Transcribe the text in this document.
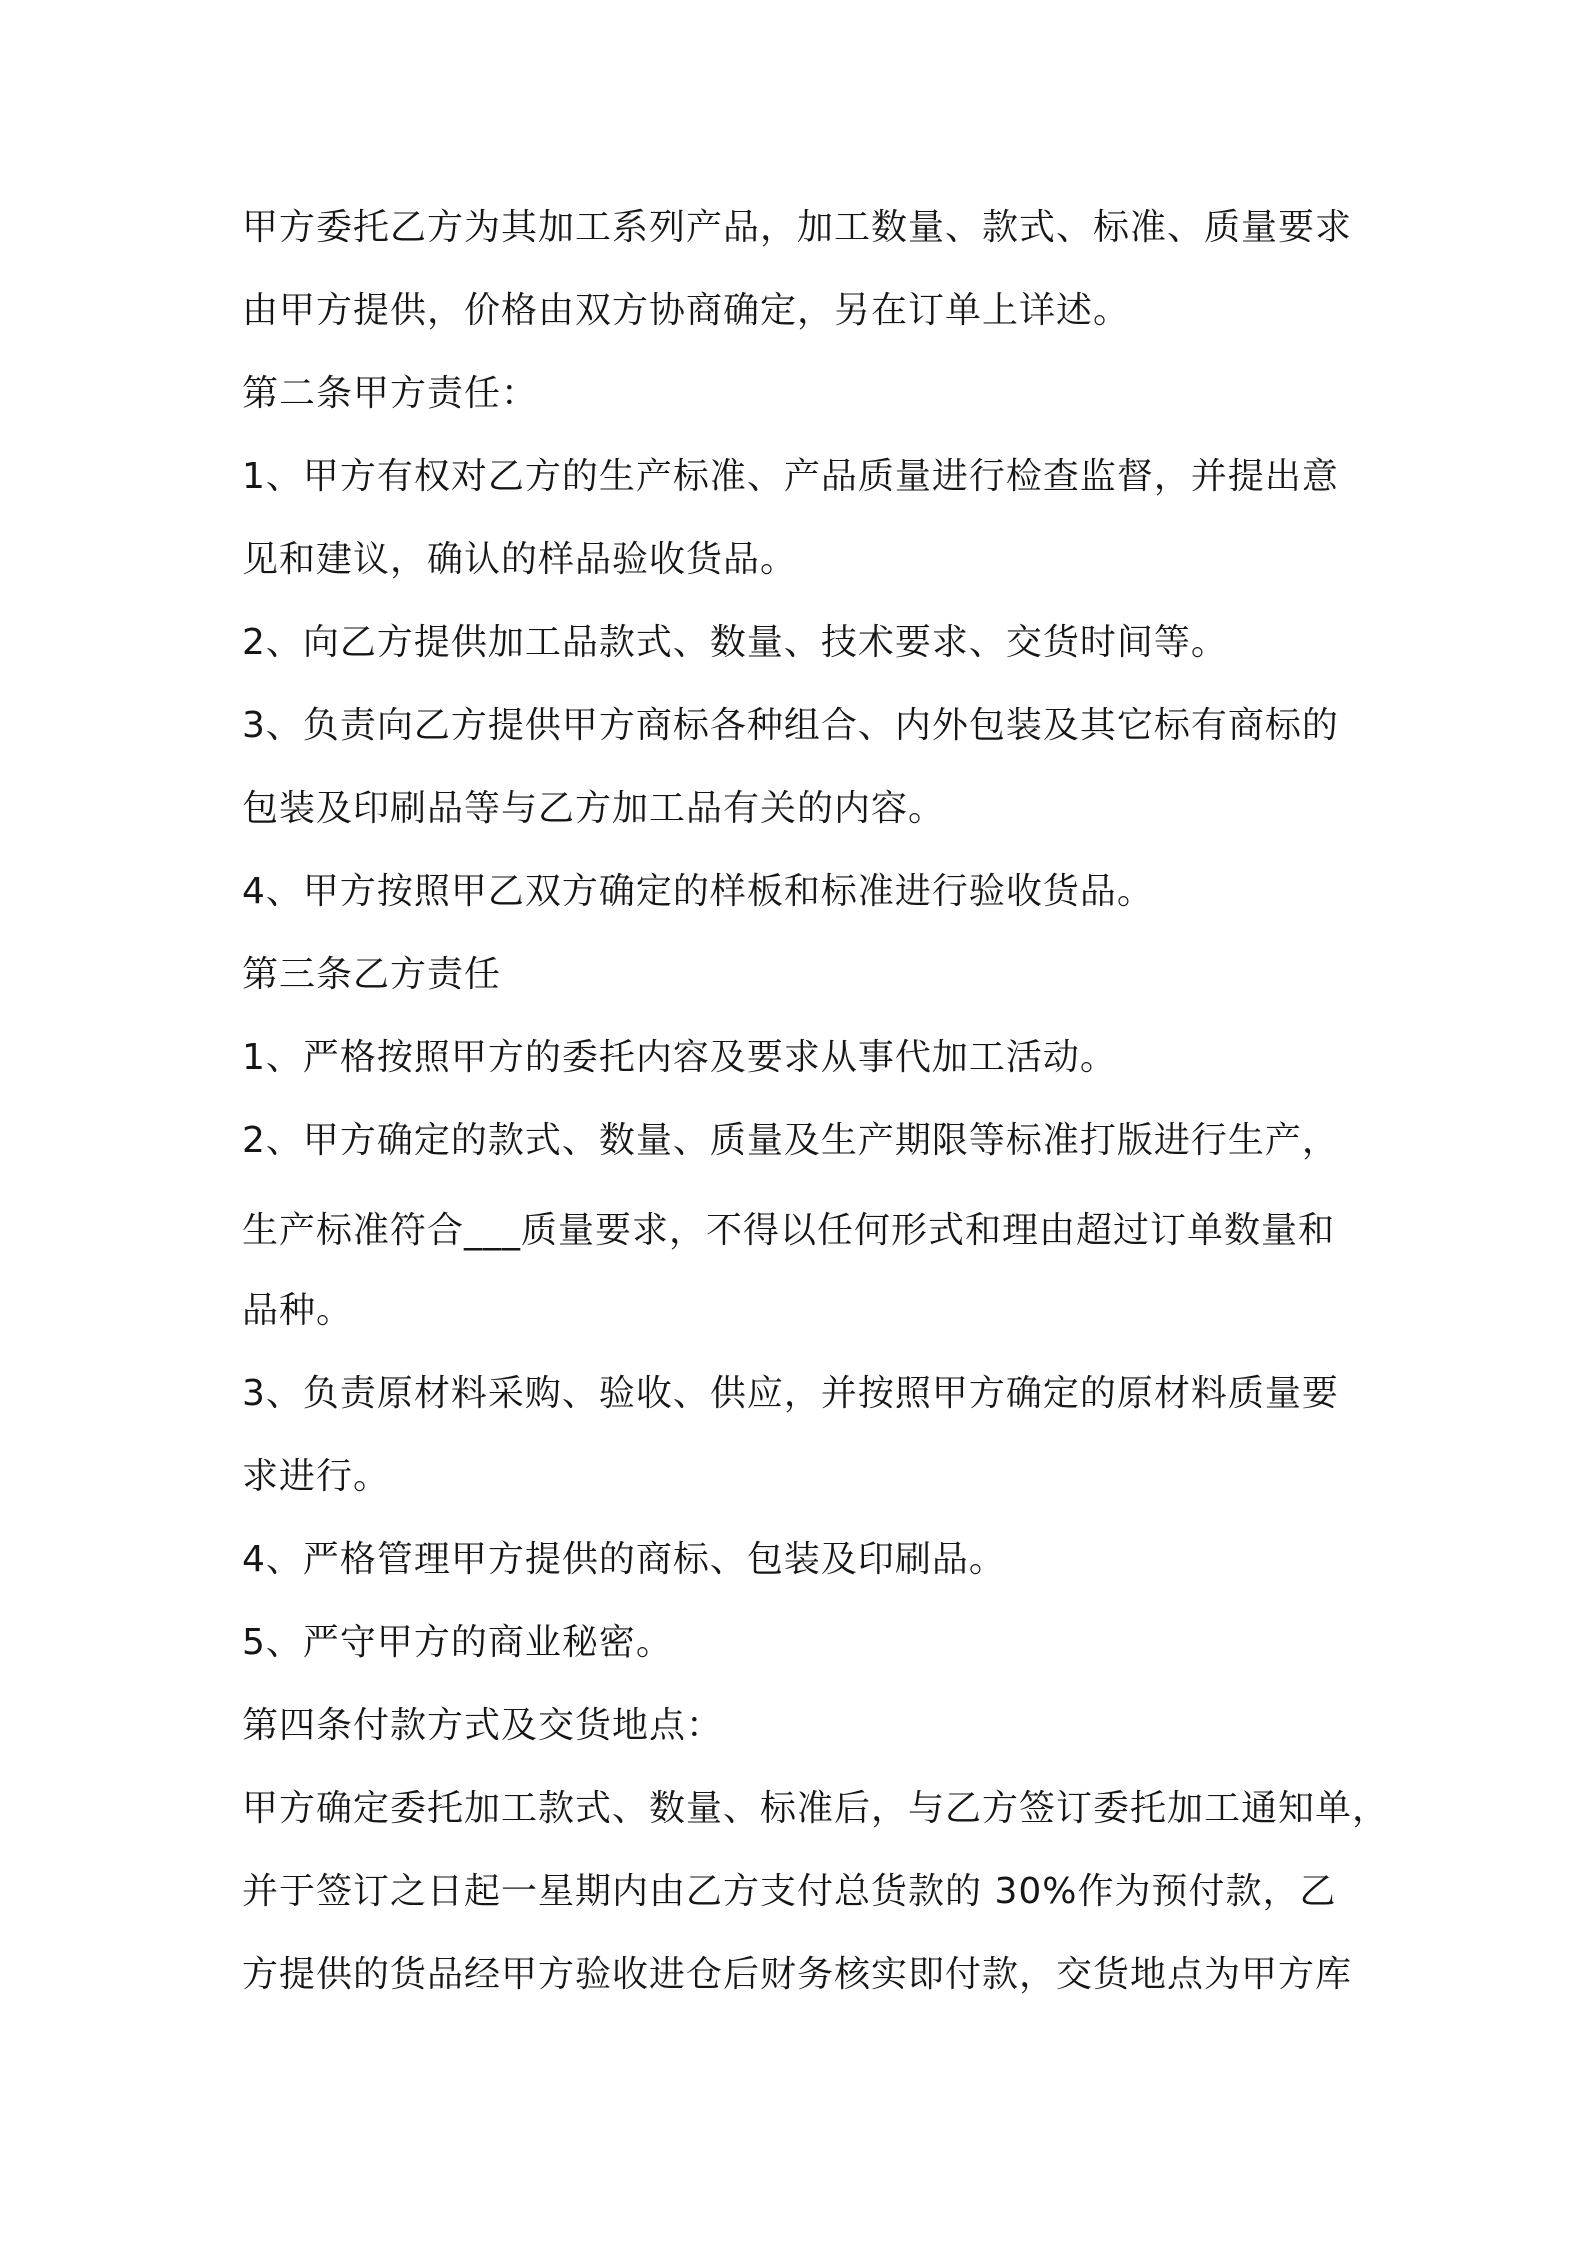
甲方委托乙方为其加工系列产品，加工数量、款式、标准、质量要求

由甲方提供，价格由双方协商确定，另在订单上详述。

第二条甲方责任：

1、甲方有权对乙方的生产标准、产品质量进行检查监督，并提出意

见和建议，确认的样品验收货品。

2、向乙方提供加工品款式、数量、技术要求、交货时间等。

3、负责向乙方提供甲方商标各种组合、内外包装及其它标有商标的

包装及印刷品等与乙方加工品有关的内容。

4、甲方按照甲乙双方确定的样板和标准进行验收货品。

第三条乙方责任

1、严格按照甲方的委托内容及要求从事代加工活动。

2、甲方确定的款式、数量、质量及生产期限等标准打版进行生产，

生产标准符合___质量要求，不得以任何形式和理由超过订单数量和

品种。

3、负责原材料采购、验收、供应，并按照甲方确定的原材料质量要

求进行。

4、严格管理甲方提供的商标、包装及印刷品。

5、严守甲方的商业秘密。

第四条付款方式及交货地点：

甲方确定委托加工款式、数量、标准后，与乙方签订委托加工通知单，

并于签订之日起一星期内由乙方支付总货款的 30%作为预付款，乙

方提供的货品经甲方验收进仓后财务核实即付款，交货地点为甲方库
